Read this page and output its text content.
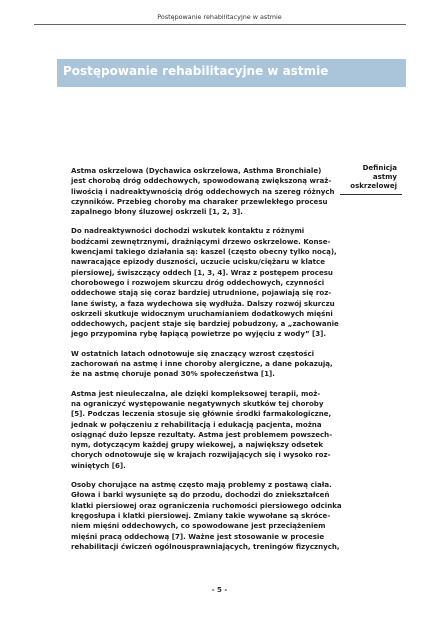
Postępowanie rehabilitacyjne w astmie
Postępowanie rehabilitacyjne w astmie
Definicja
astmy
oskrzelowej

Astma oskrzelowa (Dychawica oskrzelowa, Asthma Bronchiale)
jest chorobą dróg oddechowych, spowodowaną zwiększoną wraż-
liwością i nadreaktywnością dróg oddechowych na szereg różnych
czynników. Przebieg choroby ma charaker przewlekłego procesu
zapalnego błony śluzowej oskrzeli [1, 2, 3].

Do nadreaktywności dochodzi wskutek kontaktu z różnymi
bodźcami zewnętrznymi, drażniącymi drzewo oskrzelowe. Konse-
kwencjami takiego działania są: kaszel (często obecny tylko nocą),
nawracające epizody duszności, uczucie ucisku/ciężaru w klatce
piersiowej, świszczący oddech [1, 3, 4]. Wraz z postępem procesu
chorobowego i rozwojem skurczu dróg oddechowych, czynności
oddechowe stają się coraz bardziej utrudnione, pojawiają się roz-
lane świsty, a faza wydechowa się wydłuża. Dalszy rozwój skurczu
oskrzeli skutkuje widocznym uruchamianiem dodatkowych mięśni
oddechowych, pacjent staje się bardziej pobudzony, a „zachowanie
jego przypomina rybę łapiącą powietrze po wyjęciu z wody” [3].

W ostatnich latach odnotowuje się znaczący wzrost częstości
zachorowań na astmę i inne choroby alergiczne, a dane pokazują,
że na astmę choruje ponad 30% społeczeństwa [1].

Astma jest nieuleczalna, ale dzięki kompleksowej terapii, moż-
na ograniczyć występowanie negatywnych skutków tej choroby
[5]. Podczas leczenia stosuje się głównie środki farmakologiczne,
jednak w połączeniu z rehabilitacją i edukacją pacjenta, można
osiągnąć dużo lepsze rezultaty. Astma jest problemem powszech-
nym, dotyczącym każdej grupy wiekowej, a największy odsetek
chorych odnotowuje się w krajach rozwijających się i wysoko roz-
winiętych [6].

Osoby chorujące na astmę często mają problemy z postawą ciała.
Głowa i barki wysunięte są do przodu, dochodzi do zniekształceń
klatki piersiowej oraz ograniczenia ruchomości piersiowego odcinka
kręgosłupa i klatki piersiowej. Zmiany takie wywołane są skróce-
niem mięśni oddechowych, co spowodowane jest przeciążeniem
mięśni pracą oddechową [7]. Ważne jest stosowanie w procesie
rehabilitacji ćwiczeń ogólnousprawniających, treningów fizycznych,

- 5 -
